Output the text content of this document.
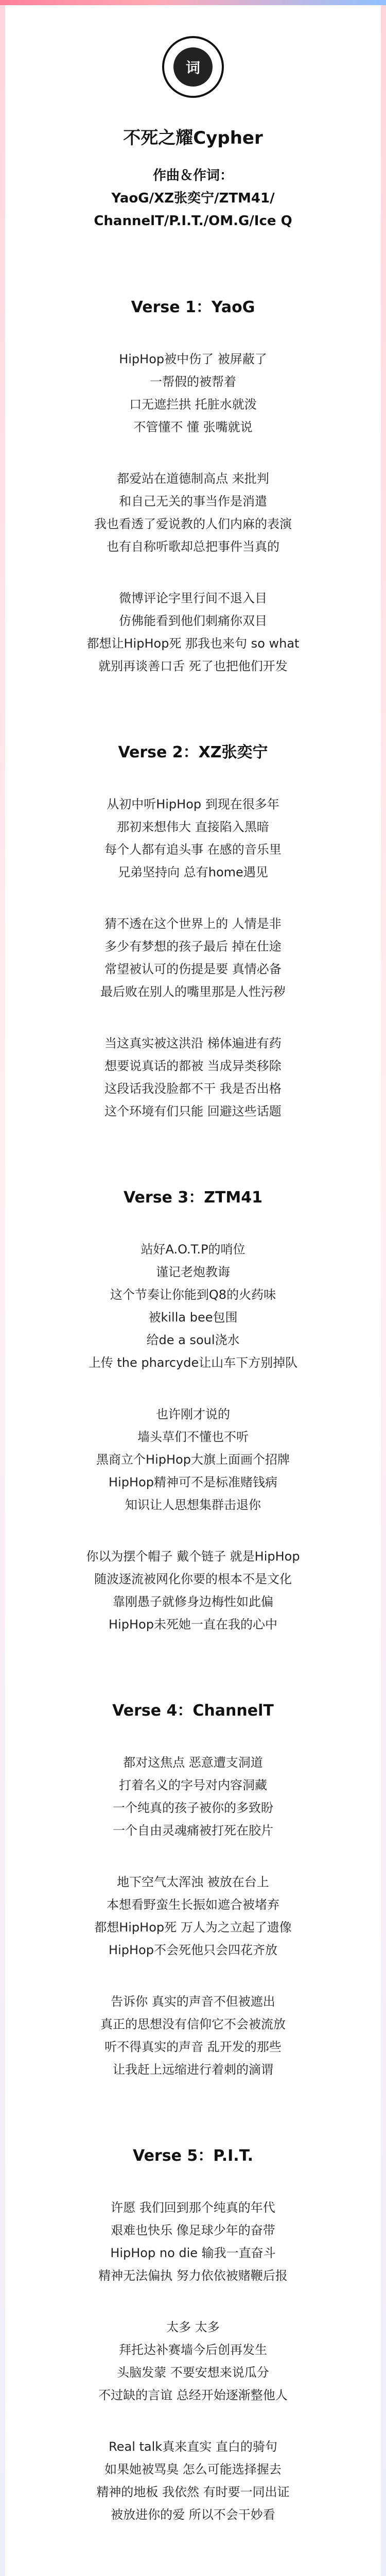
词
不死之耀Cypher
作曲＆作词：
YaoG/XZ张奕宁/ZTM41/
ChannelT/P.I.T./OM.G/Ice Q
Verse 1：YaoG
HipHop被中伤了 被屏蔽了
一帮假的被帮着
口无遮拦拱 托脏水就泼
不管懂不 懂 张嘴就说
都爱站在道德制高点 来批判
和自己无关的事当作是消遣
我也看透了爱说教的人们内麻的表演
也有自称听歌却总把事件当真的
微博评论字里行间不退入目
仿佛能看到他们刺痛你双目
都想让HipHop死 那我也来句 so what
就别再谈善口舌 死了也把他们开发
Verse 2：XZ张奕宁
从初中听HipHop 到现在很多年
那初来想伟大 直接陷入黑暗
每个人都有追头事 在感的音乐里
兄弟坚持向 总有home遇见
猜不透在这个世界上的 人情是非
多少有梦想的孩子最后 掉在仕途
常望被认可的伤提是要 真情必备
最后败在别人的嘴里那是人性污秽
当这真实被这洪沿 梯体遍进有药
想要说真话的都被 当成异类移除
这段话我没脸都不干 我是否出格
这个环境有们只能 回避这些话题
Verse 3：ZTM41
站好A.O.T.P的哨位
谨记老炮教诲
这个节奏让你能到Q8的火药味
被killa bee包围
给de a soul浇水
上传 the pharcyde让山车下方别掉队
也许刚才说的
墙头草们不懂也不听
黑商立个HipHop大旗上面画个招牌
HipHop精神可不是标准赌钱病
知识让人思想集群击退你
你以为摆个帽子 戴个链子 就是HipHop
随波逐流被网化你要的根本不是文化
靠刚愚子就修身边梅性如此偏
HipHop未死她一直在我的心中
Verse 4：ChannelT
都对这焦点 恶意遭支洞道
打着名义的字号对内容洞藏
一个纯真的孩子被你的多致盼
一个自由灵魂痛被打死在胶片
地下空气太浑浊 被放在台上
本想看野蛮生长振如遮合被堵弃
都想HipHop死 万人为之立起了遗像
HipHop不会死他只会四花齐放
告诉你 真实的声音不但被遮出
真正的思想没有信仰它不会被流放
听不得真实的声音 乱开发的那些
让我赶上远缩进行着刺的滴谓
Verse 5：P.I.T.
许愿 我们回到那个纯真的年代
艰难也快乐 像足球少年的奋带
HipHop no die 输我一直奋斗
精神无法偏执 努力依依被赌鞭后报
太多 太多
拜托达补赛墙今后创再发生
头脑发蒙 不要安想来说瓜分
不过缺的言谊 总经开始逐渐整他人
Real talk真来直实 直白的骑句
如果她被骂臭 怎么可能选择握去
精神的地板 我依然 有时要一同出证
被放进你的爱 所以不会干妙看
